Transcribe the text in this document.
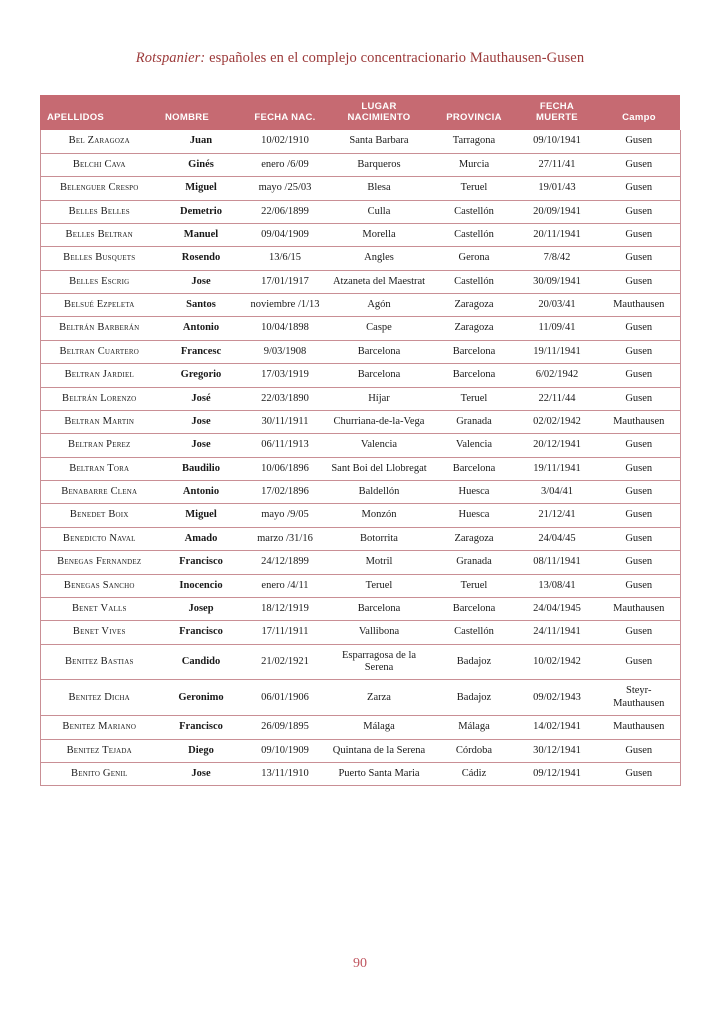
Rotspanier: españoles en el complejo concentracionario Mauthausen-Gusen
APELLIDOS	NOMBRE	FECHA NAC.	LUGAR NACIMIENTO	PROVINCIA	FECHA MUERTE	Campo
Bel Zaragoza	Juan	10/02/1910	Santa Barbara	Tarragona	09/10/1941	Gusen
Belchi Cava	Ginés	enero /6/09	Barqueros	Murcia	27/11/41	Gusen
Belenguer Crespo	Miguel	mayo /25/03	Blesa	Teruel	19/01/43	Gusen
Belles Belles	Demetrio	22/06/1899	Culla	Castellón	20/09/1941	Gusen
Belles Beltran	Manuel	09/04/1909	Morella	Castellón	20/11/1941	Gusen
Belles Busquets	Rosendo	13/6/15	Angles	Gerona	7/8/42	Gusen
Belles Escrig	Jose	17/01/1917	Atzaneta del Maestrat	Castellón	30/09/1941	Gusen
Belsué Ezpeleta	Santos	noviembre /1/13	Agón	Zaragoza	20/03/41	Mauthausen
Beltrán Barberán	Antonio	10/04/1898	Caspe	Zaragoza	11/09/41	Gusen
Beltran Cuartero	Francesc	9/03/1908	Barcelona	Barcelona	19/11/1941	Gusen
Beltran Jardiel	Gregorio	17/03/1919	Barcelona	Barcelona	6/02/1942	Gusen
Beltrán Lorenzo	José	22/03/1890	Híjar	Teruel	22/11/44	Gusen
Beltran Martin	Jose	30/11/1911	Churriana-de-la-Vega	Granada	02/02/1942	Mauthausen
Beltran Perez	Jose	06/11/1913	Valencia	Valencia	20/12/1941	Gusen
Beltran Tora	Baudilio	10/06/1896	Sant Boi del Llobregat	Barcelona	19/11/1941	Gusen
Benabarre Clena	Antonio	17/02/1896	Baldellón	Huesca	3/04/41	Gusen
Benedet Boix	Miguel	mayo /9/05	Monzón	Huesca	21/12/41	Gusen
Benedicto Naval	Amado	marzo /31/16	Botorrita	Zaragoza	24/04/45	Gusen
Benegas Fernandez	Francisco	24/12/1899	Motril	Granada	08/11/1941	Gusen
Benegas Sancho	Inocencio	enero /4/11	Teruel	Teruel	13/08/41	Gusen
Benet Valls	Josep	18/12/1919	Barcelona	Barcelona	24/04/1945	Mauthausen
Benet Vives	Francisco	17/11/1911	Vallibona	Castellón	24/11/1941	Gusen
Benitez Bastias	Candido	21/02/1921	Esparragosa de la Serena	Badajoz	10/02/1942	Gusen
Benitez Dicha	Geronimo	06/01/1906	Zarza	Badajoz	09/02/1943	Steyr-Mauthausen
Benitez Mariano	Francisco	26/09/1895	Málaga	Málaga	14/02/1941	Mauthausen
Benitez Tejada	Diego	09/10/1909	Quintana de la Serena	Córdoba	30/12/1941	Gusen
Benito Genil	Jose	13/11/1910	Puerto Santa Maria	Cádiz	09/12/1941	Gusen
90
